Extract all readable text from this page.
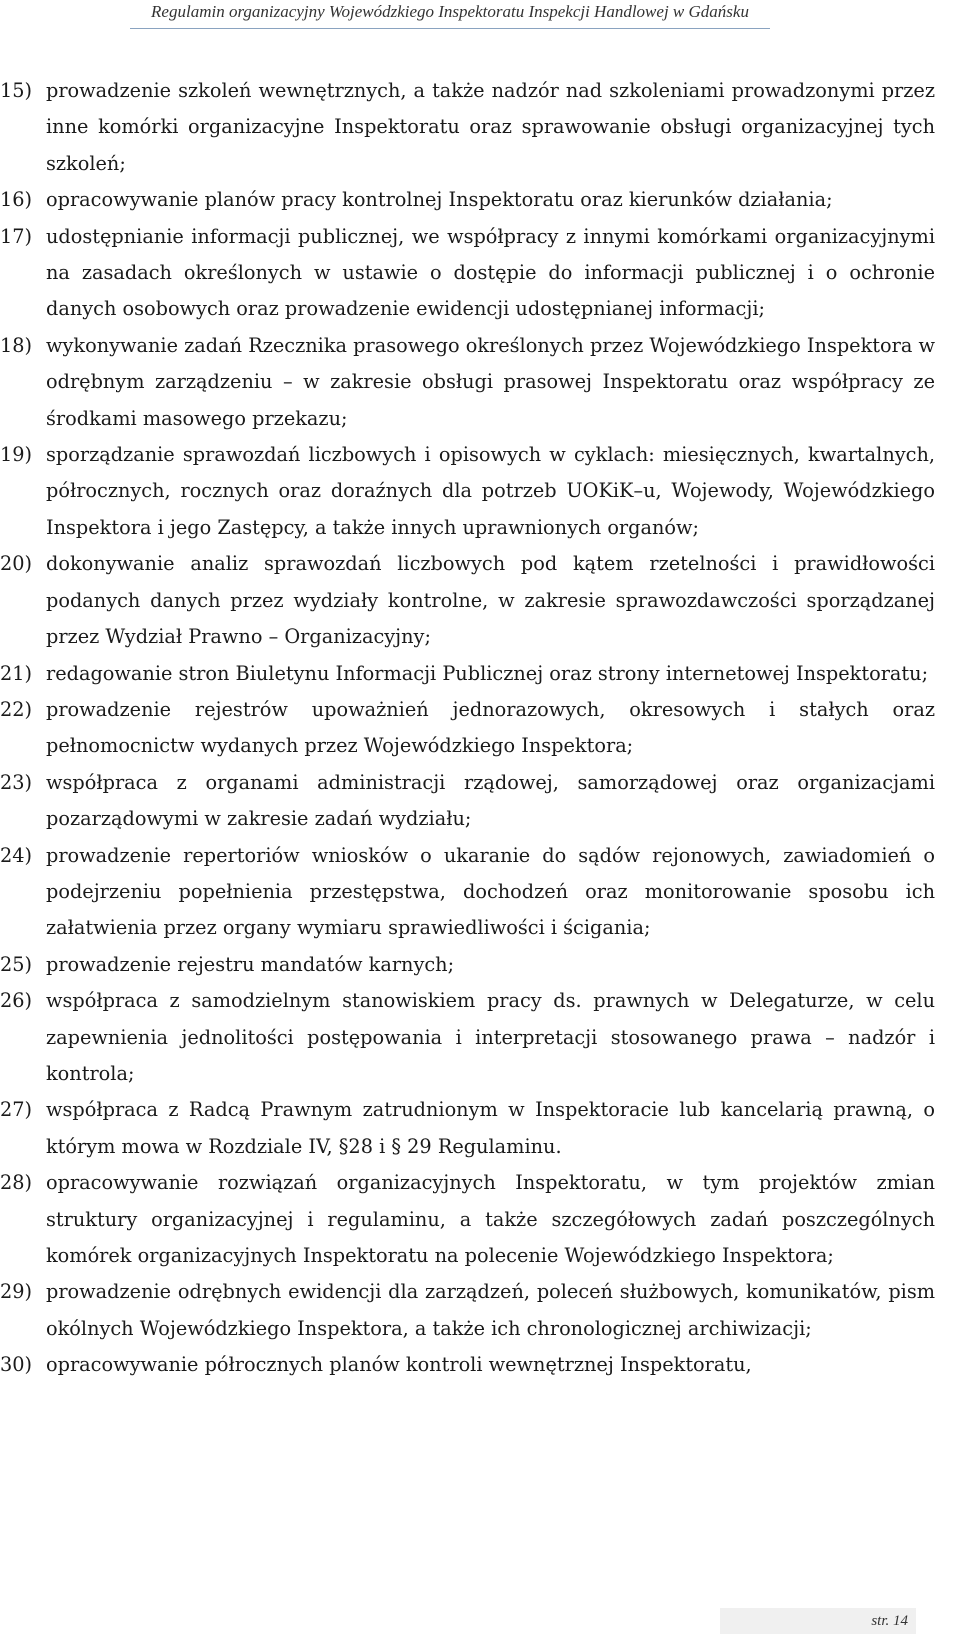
Regulamin organizacyjny Wojewódzkiego Inspektoratu Inspekcji Handlowej w Gdańsku
15) prowadzenie szkoleń wewnętrznych, a także nadzór nad szkoleniami prowadzonymi przez inne komórki organizacyjne Inspektoratu oraz sprawowanie obsługi organizacyjnej tych szkoleń;
16) opracowywanie planów pracy kontrolnej Inspektoratu oraz kierunków działania;
17) udostępnianie informacji publicznej, we współpracy z innymi komórkami organizacyjnymi na zasadach określonych w ustawie o dostępie do informacji publicznej i o ochronie danych osobowych oraz prowadzenie ewidencji udostępnianej informacji;
18) wykonywanie zadań Rzecznika prasowego określonych przez Wojewódzkiego Inspektora w odrębnym zarządzeniu – w zakresie obsługi prasowej Inspektoratu oraz współpracy ze środkami masowego przekazu;
19) sporządzanie sprawozdań liczbowych i opisowych w cyklach: miesięcznych, kwartalnych, półrocznych, rocznych oraz doraźnych dla potrzeb UOKiK–u, Wojewody, Wojewódzkiego Inspektora i jego Zastępcy, a także innych uprawnionych organów;
20) dokonywanie analiz sprawozdań liczbowych pod kątem rzetelności i prawidłowości podanych danych przez wydziały kontrolne, w zakresie sprawozdawczości sporządzanej przez Wydział Prawno – Organizacyjny;
21) redagowanie stron Biuletynu Informacji Publicznej oraz strony internetowej Inspektoratu;
22) prowadzenie rejestrów upoważnień jednorazowych, okresowych i stałych oraz pełnomocnictw wydanych przez Wojewódzkiego Inspektora;
23) współpraca z organami administracji rządowej, samorządowej oraz organizacjami pozarządowymi w zakresie zadań wydziału;
24) prowadzenie repertoriów wniosków o ukaranie do sądów rejonowych, zawiadomień o podejrzeniu popełnienia przestępstwa, dochodzeń oraz monitorowanie sposobu ich załatwienia przez organy wymiaru sprawiedliwości i ścigania;
25) prowadzenie rejestru mandatów karnych;
26) współpraca z samodzielnym stanowiskiem pracy ds. prawnych w Delegaturze, w celu zapewnienia jednolitości postępowania i interpretacji stosowanego prawa – nadzór i kontrola;
27) współpraca z Radcą Prawnym zatrudnionym w Inspektoracie lub kancelarią prawną, o którym mowa w Rozdziale IV, §28 i § 29 Regulaminu.
28) opracowywanie rozwiązań organizacyjnych Inspektoratu, w tym projektów zmian struktury organizacyjnej i regulaminu, a także szczegółowych zadań poszczególnych komórek organizacyjnych Inspektoratu na polecenie Wojewódzkiego Inspektora;
29) prowadzenie odrębnych ewidencji dla zarządzeń, poleceń służbowych, komunikatów, pism okólnych Wojewódzkiego Inspektora, a także ich chronologicznej archiwizacji;
30) opracowywanie półrocznych planów kontroli wewnętrznej Inspektoratu,
str. 14
